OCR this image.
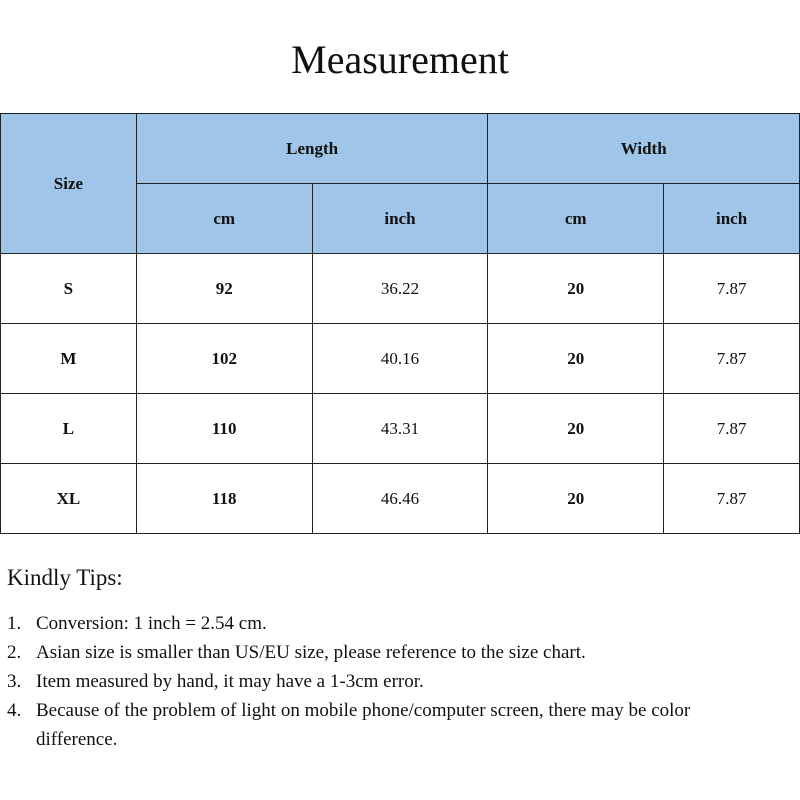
Measurement
Size	Length		Width	
	cm	inch	cm	inch
S	92	36.22	20	7.87
M	102	40.16	20	7.87
L	110	43.31	20	7.87
XL	118	46.46	20	7.87
Kindly Tips:
1. Conversion: 1 inch = 2.54 cm.
2. Asian size is smaller than US/EU size, please reference to the size chart.
3. Item measured by hand, it may have a 1-3cm error.
4. Because of the problem of light on mobile phone/computer screen, there may be color difference.
